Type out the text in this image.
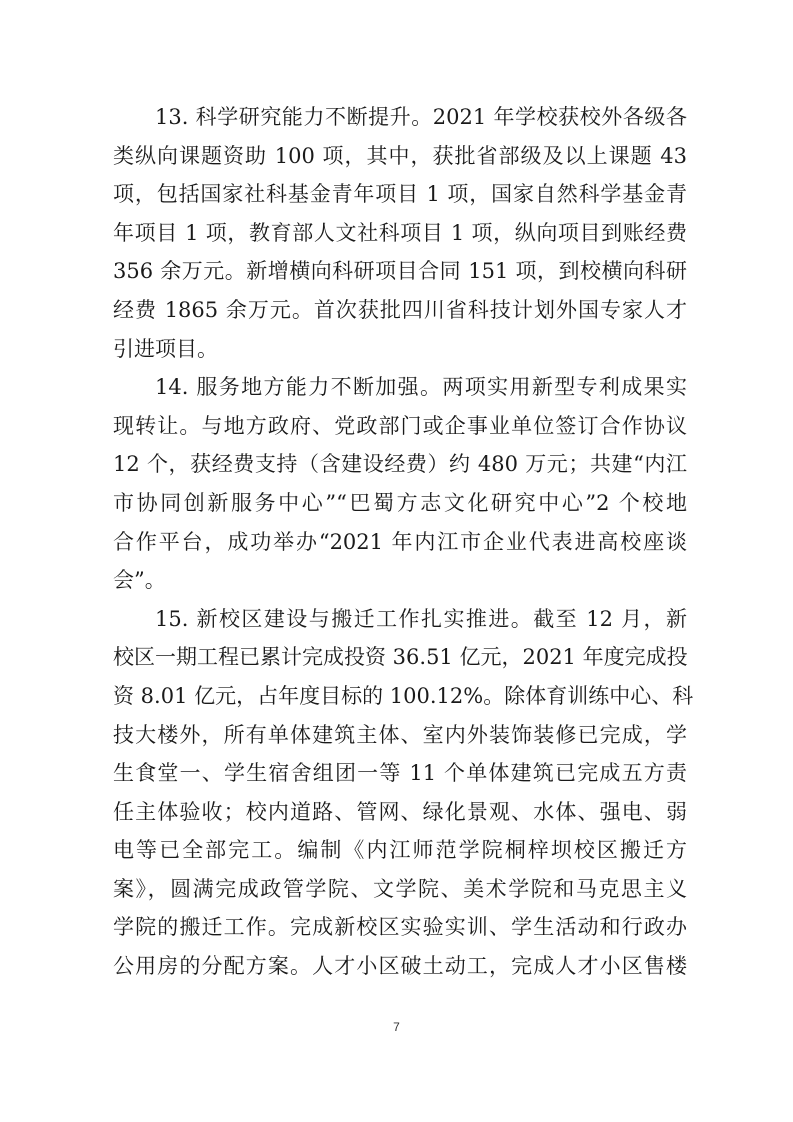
13. 科学研究能力不断提升。2021 年学校获校外各级各
类纵向课题资助 100 项，其中，获批省部级及以上课题 43
项，包括国家社科基金青年项目 1 项，国家自然科学基金青
年项目 1 项，教育部人文社科项目 1 项，纵向项目到账经费
356 余万元。新增横向科研项目合同 151 项，到校横向科研
经费 1865 余万元。首次获批四川省科技计划外国专家人才
引进项目。
14. 服务地方能力不断加强。两项实用新型专利成果实
现转让。与地方政府、党政部门或企事业单位签订合作协议
12 个，获经费支持（含建设经费）约 480 万元；共建“内江
市协同创新服务中心”“巴蜀方志文化研究中心”2 个校地
合作平台，成功举办“2021 年内江市企业代表进高校座谈
会”。
15. 新校区建设与搬迁工作扎实推进。截至 12 月，新
校区一期工程已累计完成投资 36.51 亿元，2021 年度完成投
资 8.01 亿元，占年度目标的 100.12%。除体育训练中心、科
技大楼外，所有单体建筑主体、室内外装饰装修已完成，学
生食堂一、学生宿舍组团一等 11 个单体建筑已完成五方责
任主体验收；校内道路、管网、绿化景观、水体、强电、弱
电等已全部完工。编制《内江师范学院桐梓坝校区搬迁方
案》，圆满完成政管学院、文学院、美术学院和马克思主义
学院的搬迁工作。完成新校区实验实训、学生活动和行政办
公用房的分配方案。人才小区破土动工，完成人才小区售楼
7
